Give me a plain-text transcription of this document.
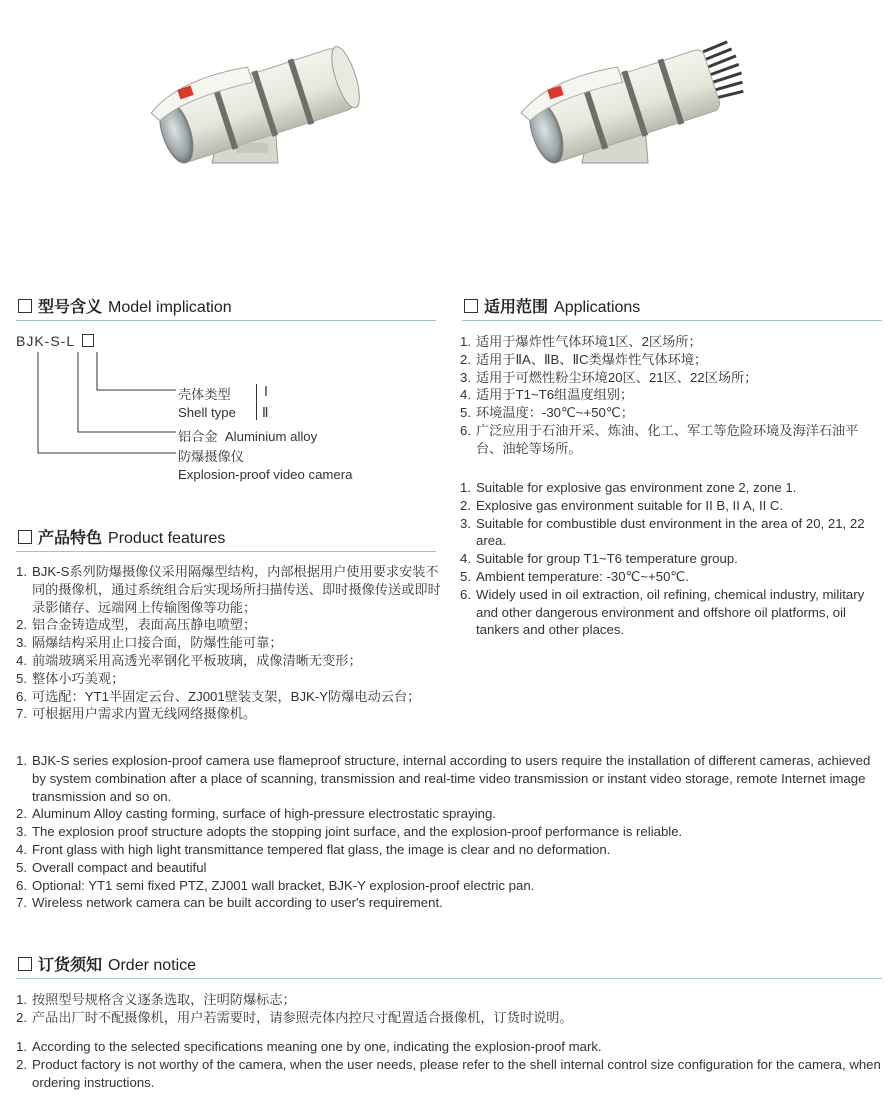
型号含义 Model implication
BJK-S-L
壳体类型
Shell type
Ⅰ
Ⅱ
铝合金  Aluminium alloy
防爆摄像仪
Explosion-proof video camera
适用范围 Applications
1. 适用于爆炸性气体环境1区、2区场所；
2. 适用于ⅡA、ⅡB、ⅡC类爆炸性气体环境；
3. 适用于可燃性粉尘环境20区、21区、22区场所；
4. 适用于T1~T6组温度组别；
5. 环境温度：-30℃~+50℃；
6. 广泛应用于石油开采、炼油、化工、军工等危险环境及海洋石油平台、油轮等场所。
1. Suitable for explosive gas environment zone 2, zone 1.
2. Explosive gas environment suitable for II B, II A, II C.
3. Suitable for combustible dust environment in the area of 20, 21, 22 area.
4. Suitable for group T1~T6 temperature group.
5. Ambient temperature: -30℃~+50℃.
6. Widely used in oil extraction, oil refining, chemical industry, military and other dangerous environment and offshore oil platforms, oil tankers and other places.
产品特色 Product features
1. BJK-S系列防爆摄像仪采用隔爆型结构，内部根据用户使用要求安装不同的摄像机，通过系统组合后实现场所扫描传送、即时摄像传送或即时录影储存、远端网上传输图像等功能；
2. 铝合金铸造成型，表面高压静电喷塑；
3. 隔爆结构采用止口接合面，防爆性能可靠；
4. 前端玻璃采用高透光率钢化平板玻璃，成像清晰无变形；
5. 整体小巧美观；
6. 可选配：YT1半固定云台、ZJ001壁装支架，BJK-Y防爆电动云台；
7. 可根据用户需求内置无线网络摄像机。
1. BJK-S series explosion-proof camera use flameproof structure, internal according to users require the installation of different cameras, achieved by system combination after a place of scanning, transmission and real-time video transmission or instant video storage, remote Internet image transmission and so on.
2. Aluminum Alloy casting forming, surface of high-pressure electrostatic spraying.
3. The explosion proof structure adopts the stopping joint surface, and the explosion-proof performance is reliable.
4. Front glass with high light transmittance tempered flat glass, the image is clear and no deformation.
5. Overall compact and beautiful
6. Optional: YT1 semi fixed PTZ, ZJ001 wall bracket, BJK-Y explosion-proof electric pan.
7. Wireless network camera can be built according to user's requirement.
订货须知 Order notice
1. 按照型号规格含义逐条选取，注明防爆标志；
2. 产品出厂时不配摄像机，用户若需要时，请参照壳体内控尺寸配置适合摄像机，订货时说明。
1. According to the selected specifications meaning one by one, indicating the explosion-proof mark.
2. Product factory is not worthy of the camera, when the user needs, please refer to the shell internal control size configuration for the camera, when ordering instructions.
